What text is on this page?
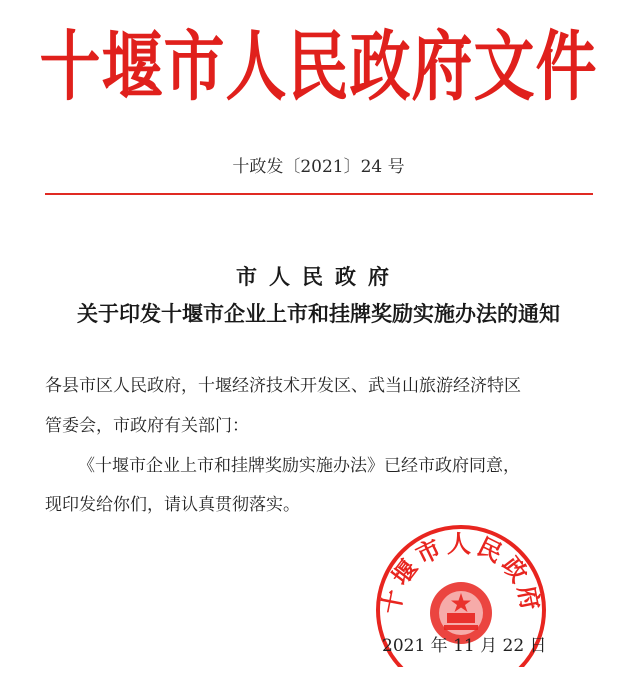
十堰市人民政府文件
十政发〔2021〕24 号
市人民政府
关于印发十堰市企业上市和挂牌奖励实施办法的通知
各县市区人民政府，十堰经济技术开发区、武当山旅游经济特区
管委会，市政府有关部门：
《十堰市企业上市和挂牌奖励实施办法》已经市政府同意，
现印发给你们，请认真贯彻落实。
十堰市人民政府
2021 年 11 月 22 日
